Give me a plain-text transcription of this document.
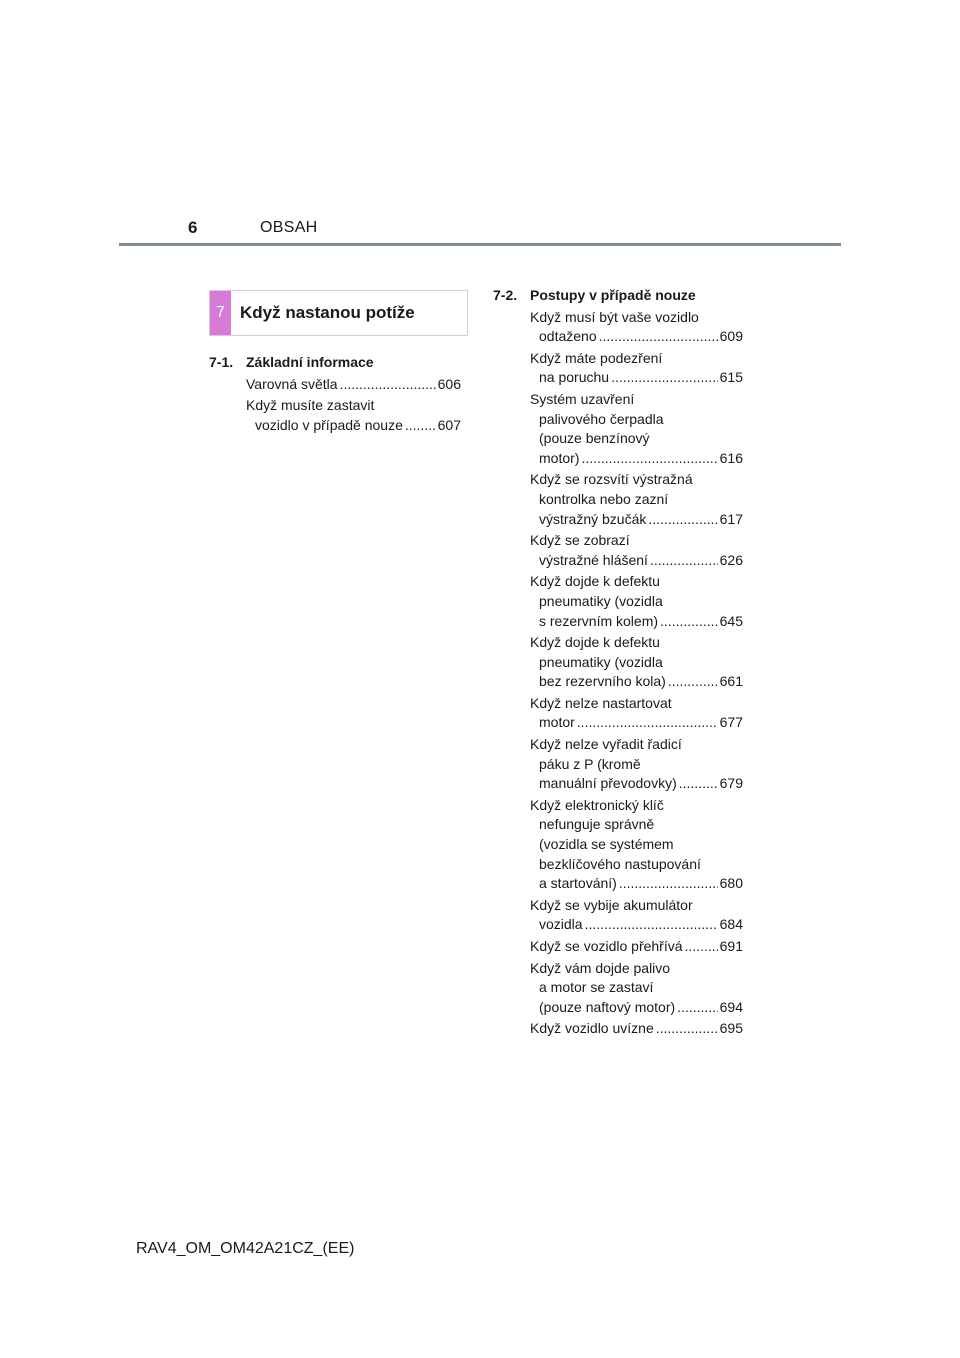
6	OBSAH
7 Když nastanou potíže
7-1. Základní informace
Varovná světla .....	606
Když musíte zastavit
vozidlo v případě nouze ..... 607
7-2. Postupy v případě nouze
Když musí být vaše vozidlo
odtaženo .....	609
Když máte podezření
na poruchu .....	615
Systém uzavření
palivového čerpadla
(pouze benzínový
motor) .....	616
Když se rozsvítí výstražná
kontrolka nebo zazní
výstražný bzučák .....	617
Když se zobrazí
výstražné hlášení .....	626
Když dojde k defektu
pneumatiky (vozidla
s rezervním kolem) .....	645
Když dojde k defektu
pneumatiky (vozidla
bez rezervního kola) .....	661
Když nelze nastartovat
motor .....	677
Když nelze vyřadit řadicí
páku z P (kromě
manuální převodovky) .....	679
Když elektronický klíč
nefunguje správně
(vozidla se systémem
bezklíčového nastupování
a startování) .....	680
Když se vybije akumulátor
vozidla .....	684
Když se vozidlo přehřívá .....	691
Když vám dojde palivo
a motor se zastaví
(pouze naftový motor) .....	694
Když vozidlo uvízne .....	695
RAV4_OM_OM42A21CZ_(EE)
